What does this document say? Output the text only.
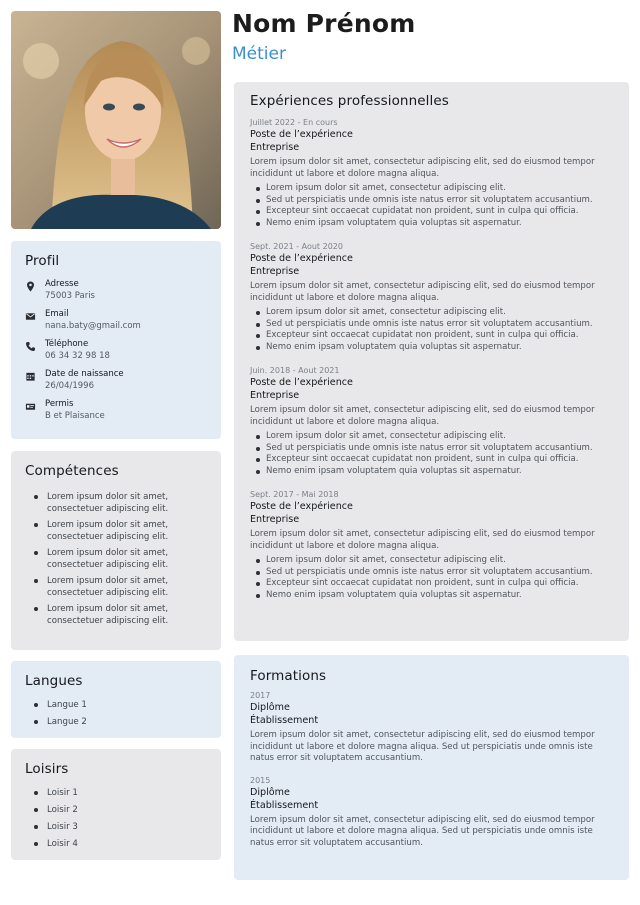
Nom Prénom
Métier
Profil
Adresse
75003 Paris
Email
nana.baty@gmail.com
Téléphone
06 34 32 98 18
Date de naissance
26/04/1996
Permis
B et Plaisance
Compétences
Lorem ipsum dolor sit amet, consectetuer adipiscing elit.
Lorem ipsum dolor sit amet, consectetuer adipiscing elit.
Lorem ipsum dolor sit amet, consectetuer adipiscing elit.
Lorem ipsum dolor sit amet, consectetuer adipiscing elit.
Lorem ipsum dolor sit amet, consectetuer adipiscing elit.
Langues
Langue 1
Langue 2
Loisirs
Loisir 1
Loisir 2
Loisir 3
Loisir 4
Expériences professionnelles
Juillet 2022 - En cours
Poste de l’expérience
Entreprise
Lorem ipsum dolor sit amet, consectetur adipiscing elit, sed do eiusmod tempor incididunt ut labore et dolore magna aliqua.
Lorem ipsum dolor sit amet, consectetur adipiscing elit.
Sed ut perspiciatis unde omnis iste natus error sit voluptatem accusantium.
Excepteur sint occaecat cupidatat non proident, sunt in culpa qui officia.
Nemo enim ipsam voluptatem quia voluptas sit aspernatur.
Sept. 2021 - Aout 2020
Poste de l’expérience
Entreprise
Lorem ipsum dolor sit amet, consectetur adipiscing elit, sed do eiusmod tempor incididunt ut labore et dolore magna aliqua.
Lorem ipsum dolor sit amet, consectetur adipiscing elit.
Sed ut perspiciatis unde omnis iste natus error sit voluptatem accusantium.
Excepteur sint occaecat cupidatat non proident, sunt in culpa qui officia.
Nemo enim ipsam voluptatem quia voluptas sit aspernatur.
Juin. 2018 - Aout 2021
Poste de l’expérience
Entreprise
Lorem ipsum dolor sit amet, consectetur adipiscing elit, sed do eiusmod tempor incididunt ut labore et dolore magna aliqua.
Lorem ipsum dolor sit amet, consectetur adipiscing elit.
Sed ut perspiciatis unde omnis iste natus error sit voluptatem accusantium.
Excepteur sint occaecat cupidatat non proident, sunt in culpa qui officia.
Nemo enim ipsam voluptatem quia voluptas sit aspernatur.
Sept. 2017 - Mai 2018
Poste de l’expérience
Entreprise
Lorem ipsum dolor sit amet, consectetur adipiscing elit, sed do eiusmod tempor incididunt ut labore et dolore magna aliqua.
Lorem ipsum dolor sit amet, consectetur adipiscing elit.
Sed ut perspiciatis unde omnis iste natus error sit voluptatem accusantium.
Excepteur sint occaecat cupidatat non proident, sunt in culpa qui officia.
Nemo enim ipsam voluptatem quia voluptas sit aspernatur.
Formations
2017
Diplôme
Établissement
Lorem ipsum dolor sit amet, consectetur adipiscing elit, sed do eiusmod tempor incididunt ut labore et dolore magna aliqua. Sed ut perspiciatis unde omnis iste natus error sit voluptatem accusantium.
2015
Diplôme
Établissement
Lorem ipsum dolor sit amet, consectetur adipiscing elit, sed do eiusmod tempor incididunt ut labore et dolore magna aliqua. Sed ut perspiciatis unde omnis iste natus error sit voluptatem accusantium.
